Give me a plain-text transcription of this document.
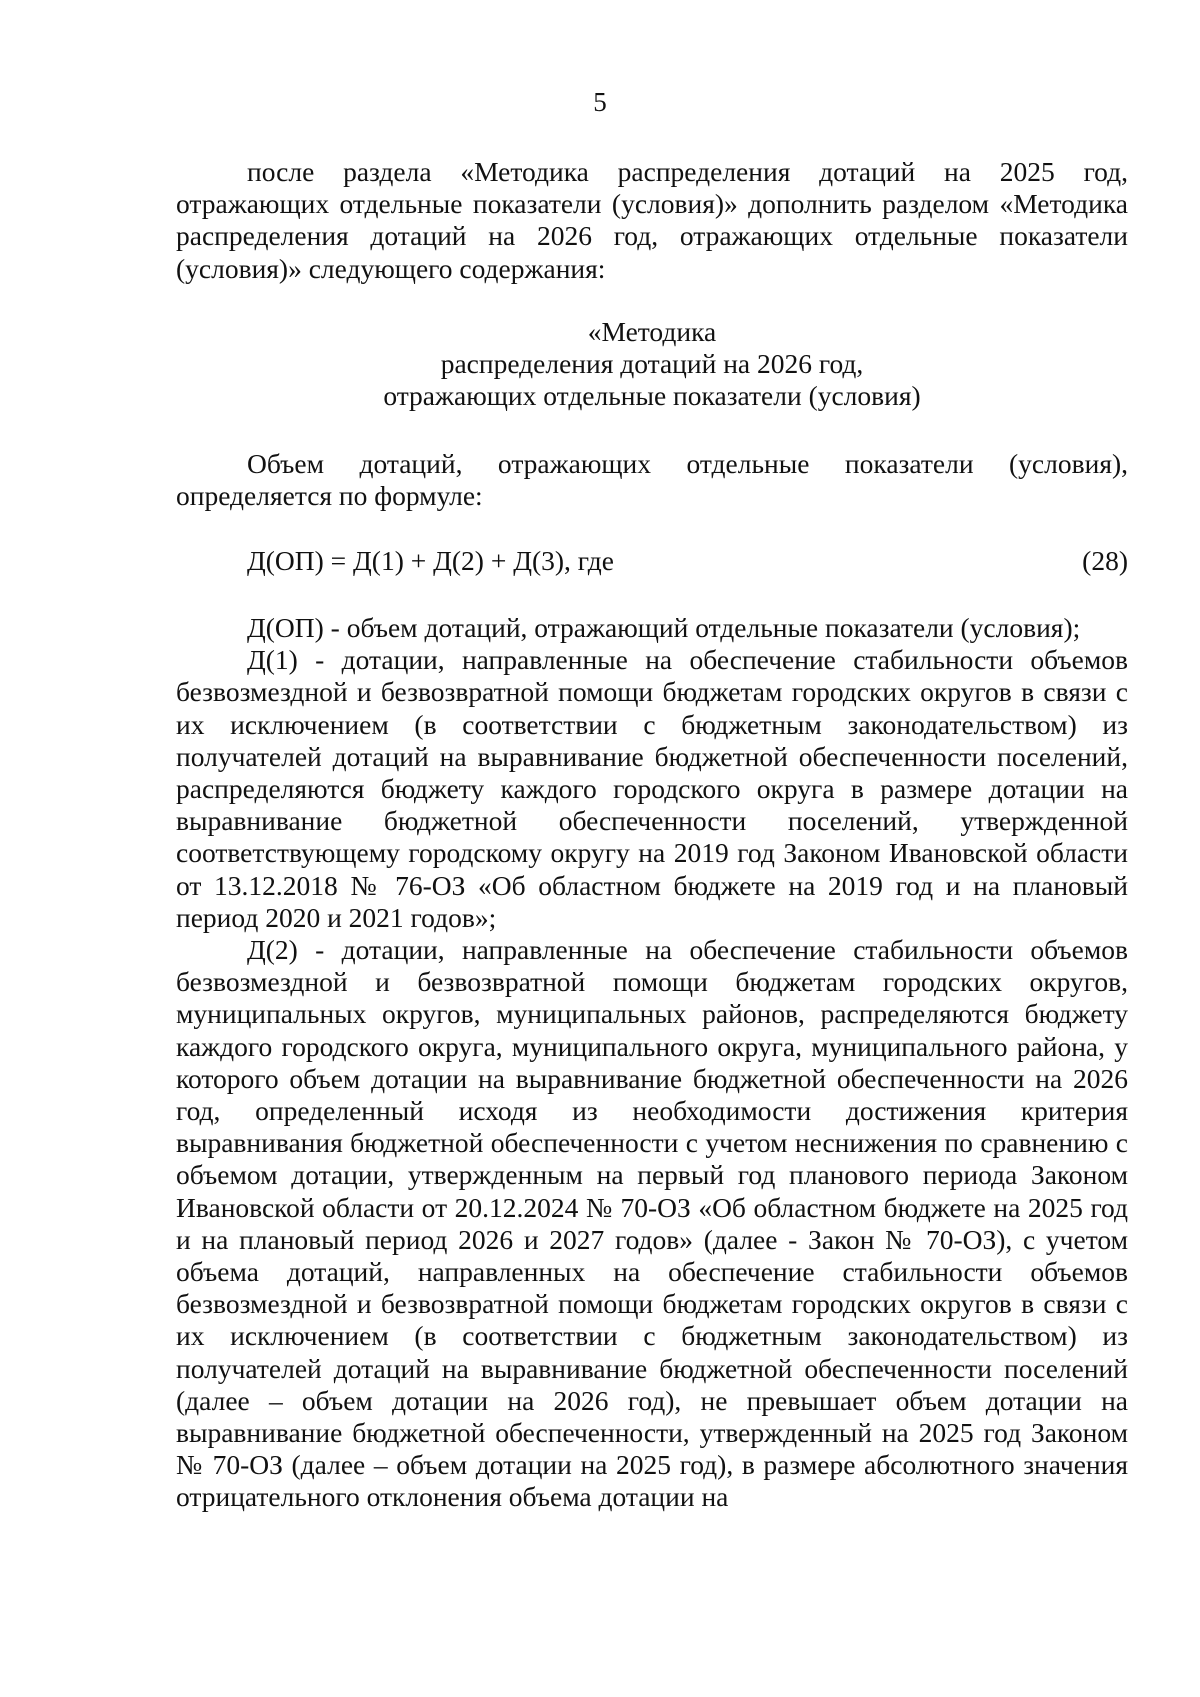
5

после раздела «Методика распределения дотаций на 2025 год, отражающих отдельные показатели (условия)» дополнить разделом «Методика распределения дотаций на 2026 год, отражающих отдельные показатели (условия)» следующего содержания:

«Методика
распределения дотаций на 2026 год,
отражающих отдельные показатели (условия)

Объем дотаций, отражающих отдельные показатели (условия), определяется по формуле:

Д(ОП) = Д(1) + Д(2) + Д(3), где	(28)

Д(ОП) - объем дотаций, отражающий отдельные показатели (условия);

Д(1) - дотации, направленные на обеспечение стабильности объемов безвозмездной и безвозвратной помощи бюджетам городских округов в связи с их исключением (в соответствии с бюджетным законодательством) из получателей дотаций на выравнивание бюджетной обеспеченности поселений, распределяются бюджету каждого городского округа в размере дотации на выравнивание бюджетной обеспеченности поселений, утвержденной соответствующему городскому округу на 2019 год Законом Ивановской области от 13.12.2018 № 76-ОЗ «Об областном бюджете на 2019 год и на плановый период 2020 и 2021 годов»;

Д(2) - дотации, направленные на обеспечение стабильности объемов безвозмездной и безвозвратной помощи бюджетам городских округов, муниципальных округов, муниципальных районов, распределяются бюджету каждого городского округа, муниципального округа, муниципального района, у которого объем дотации на выравнивание бюджетной обеспеченности на 2026 год, определенный исходя из необходимости достижения критерия выравнивания бюджетной обеспеченности с учетом неснижения по сравнению с объемом дотации, утвержденным на первый год планового периода Законом Ивановской области от 20.12.2024 № 70-ОЗ «Об областном бюджете на 2025 год и на плановый период 2026 и 2027 годов» (далее - Закон № 70-ОЗ), с учетом объема дотаций, направленных на обеспечение стабильности объемов безвозмездной и безвозвратной помощи бюджетам городских округов в связи с их исключением (в соответствии с бюджетным законодательством) из получателей дотаций на выравнивание бюджетной обеспеченности поселений (далее – объем дотации на 2026 год), не превышает объем дотации на выравнивание бюджетной обеспеченности, утвержденный на 2025 год Законом № 70-ОЗ (далее – объем дотации на 2025 год), в размере абсолютного значения отрицательного отклонения объема дотации на
